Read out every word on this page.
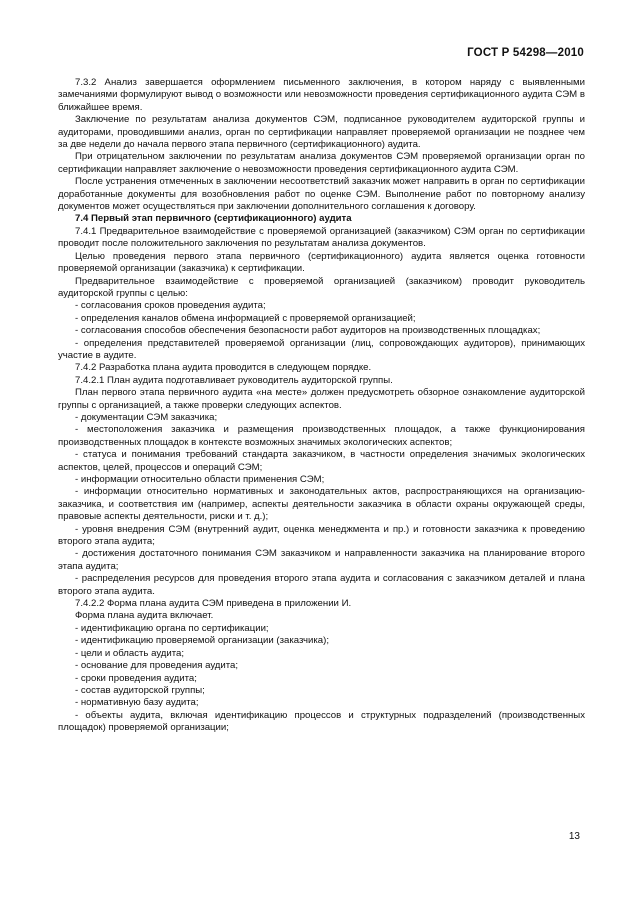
ГОСТ Р 54298—2010

7.3.2 Анализ завершается оформлением письменного заключения, в котором наряду с выявленными замечаниями формулируют вывод о возможности или невозможности проведения сертификационного аудита СЭМ в ближайшее время.

Заключение по результатам анализа документов СЭМ, подписанное руководителем аудиторской группы и аудиторами, проводившими анализ, орган по сертификации направляет проверяемой организации не позднее чем за две недели до начала первого этапа первичного (сертификационного) аудита.

При отрицательном заключении по результатам анализа документов СЭМ проверяемой организации орган по сертификации направляет заключение о невозможности проведения сертификационного аудита СЭМ.

После устранения отмеченных в заключении несоответствий заказчик может направить в орган по сертификации доработанные документы для возобновления работ по оценке СЭМ. Выполнение работ по повторному анализу документов может осуществляться при заключении дополнительного соглашения к договору.

7.4 Первый этап первичного (сертификационного) аудита

7.4.1 Предварительное взаимодействие с проверяемой организацией (заказчиком) СЭМ орган по сертификации проводит после положительного заключения по результатам анализа документов.

Целью проведения первого этапа первичного (сертификационного) аудита является оценка готовности проверяемой организации (заказчика) к сертификации.

Предварительное взаимодействие с проверяемой организацией (заказчиком) проводит руководитель аудиторской группы с целью:

- согласования сроков проведения аудита;

- определения каналов обмена информацией с проверяемой организацией;

- согласования способов обеспечения безопасности работ аудиторов на производственных площадках;

- определения представителей проверяемой организации (лиц, сопровождающих аудиторов), принимающих участие в аудите.

7.4.2 Разработка плана аудита проводится в следующем порядке.

7.4.2.1 План аудита подготавливает руководитель аудиторской группы.

План первого этапа первичного аудита «на месте» должен предусмотреть обзорное ознакомление аудиторской группы с организацией, а также проверки следующих аспектов.

- документации СЭМ заказчика;

- местоположения заказчика и размещения производственных площадок, а также функционирования производственных площадок в контексте возможных значимых экологических аспектов;

- статуса и понимания требований стандарта заказчиком, в частности определения значимых экологических аспектов, целей, процессов и операций СЭМ;

- информации относительно области применения СЭМ;

- информации относительно нормативных и законодательных актов, распространяющихся на организацию-заказчика, и соответствия им (например, аспекты деятельности заказчика в области охраны окружающей среды, правовые аспекты деятельности, риски и т. д.);

- уровня внедрения СЭМ (внутренний аудит, оценка менеджмента и пр.) и готовности заказчика к проведению второго этапа аудита;

- достижения достаточного понимания СЭМ заказчиком и направленности заказчика на планирование второго этапа аудита;

- распределения ресурсов для проведения второго этапа аудита и согласования с заказчиком деталей и плана второго этапа аудита.

7.4.2.2 Форма плана аудита СЭМ приведена в приложении И.

Форма плана аудита включает.

- идентификацию органа по сертификации;

- идентификацию проверяемой организации (заказчика);

- цели и область аудита;

- основание для проведения аудита;

- сроки проведения аудита;

- состав аудиторской группы;

- нормативную базу аудита;

- объекты аудита, включая идентификацию процессов и структурных подразделений (производственных площадок) проверяемой организации;

13
